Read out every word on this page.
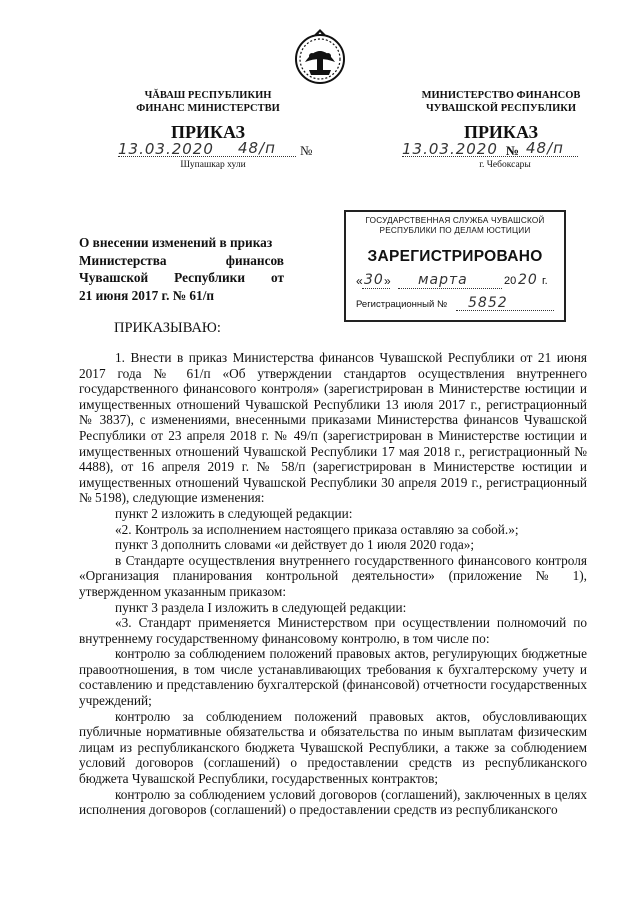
ЧĂВАШ РЕСПУБЛИКИН
ФИНАНС МИНИСТЕРСТВИ
ПРИКАЗ
13.03.2020 48/п №
Шупашкар хули
МИНИСТЕРСТВО ФИНАНСОВ
ЧУВАШСКОЙ РЕСПУБЛИКИ
ПРИКАЗ
13.03.2020 № 48/п
г. Чебоксары
О внесении изменений в приказ
Министерства финансов
Чувашской Республики от
21 июня 2017 г. № 61/п
ГОСУДАРСТВЕННАЯ СЛУЖБА ЧУВАШСКОЙ
РЕСПУБЛИКИ ПО ДЕЛАМ ЮСТИЦИИ
ЗАРЕГИСТРИРОВАНО
« 30 » марта	20 20 г.
Регистрационный № 5852
ПРИКАЗЫВАЮ:

1. Внести в приказ Министерства финансов Чувашской Республики от 21 июня 2017 года № 61/п «Об утверждении стандартов осуществления внутреннего государственного финансового контроля» (зарегистрирован в Министерстве юстиции и имущественных отношений Чувашской Республики 13 июля 2017 г., регистрационный № 3837), с изменениями, внесенными приказами Министерства финансов Чувашской Республики от 23 апреля 2018 г. № 49/п (зарегистрирован в Министерстве юстиции и имущественных отношений Чувашской Республики 17 мая 2018 г., регистрационный № 4488), от 16 апреля 2019 г. № 58/п (зарегистрирован в Министерстве юстиции и имущественных отношений Чувашской Республики 30 апреля 2019 г., регистрационный № 5198), следующие изменения:

пункт 2 изложить в следующей редакции:

«2. Контроль за исполнением настоящего приказа оставляю за собой.»;

пункт 3 дополнить словами «и действует до 1 июля 2020 года»;

в Стандарте осуществления внутреннего государственного финансового контроля «Организация планирования контрольной деятельности» (приложение № 1), утвержденном указанным приказом:

пункт 3 раздела I изложить в следующей редакции:

«3. Стандарт применяется Министерством при осуществлении полномочий по внутреннему государственному финансовому контролю, в том числе по:

контролю за соблюдением положений правовых актов, регулирующих бюджетные правоотношения, в том числе устанавливающих требования к бухгалтерскому учету и составлению и представлению бухгалтерской (финансовой) отчетности государственных учреждений;

контролю за соблюдением положений правовых актов, обусловливающих публичные нормативные обязательства и обязательства по иным выплатам физическим лицам из республиканского бюджета Чувашской Республики, а также за соблюдением условий договоров (соглашений) о предоставлении средств из республиканского бюджета Чувашской Республики, государственных контрактов;

контролю за соблюдением условий договоров (соглашений), заключенных в целях исполнения договоров (соглашений) о предоставлении средств из республиканского
